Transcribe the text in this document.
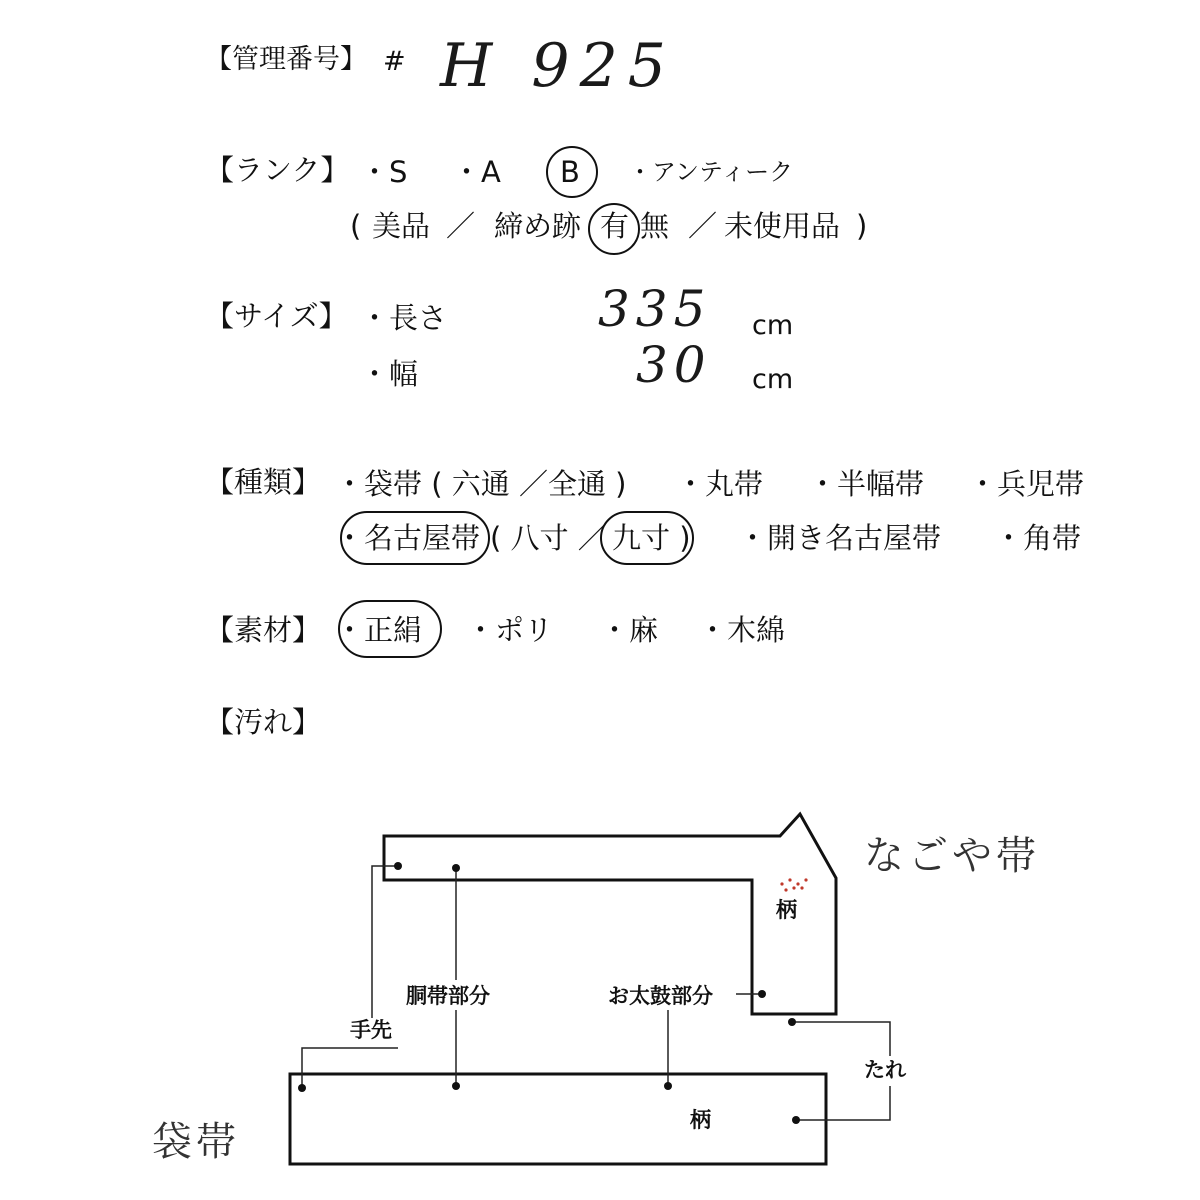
【管理番号】 # H 925
【ランク】 ・S ・A B ・アンティーク
( 美品 ／ 締め跡 有 無 ／ 未使用品 )
【サイズ】 ・長さ	335 cm
・幅	30 cm
【種類】 ・袋帯 ( 六通 ／全通 ) ・丸帯 ・半幅帯 ・兵児帯
・名古屋帯 ( 八寸 ／ 九寸 ) ・開き名古屋帯 ・角帯
【素材】 ・正絹 ・ポリ ・麻 ・木綿
【汚れ】
なごや帯
袋帯
柄
胴帯部分	お太鼓部分
手先
たれ
柄
